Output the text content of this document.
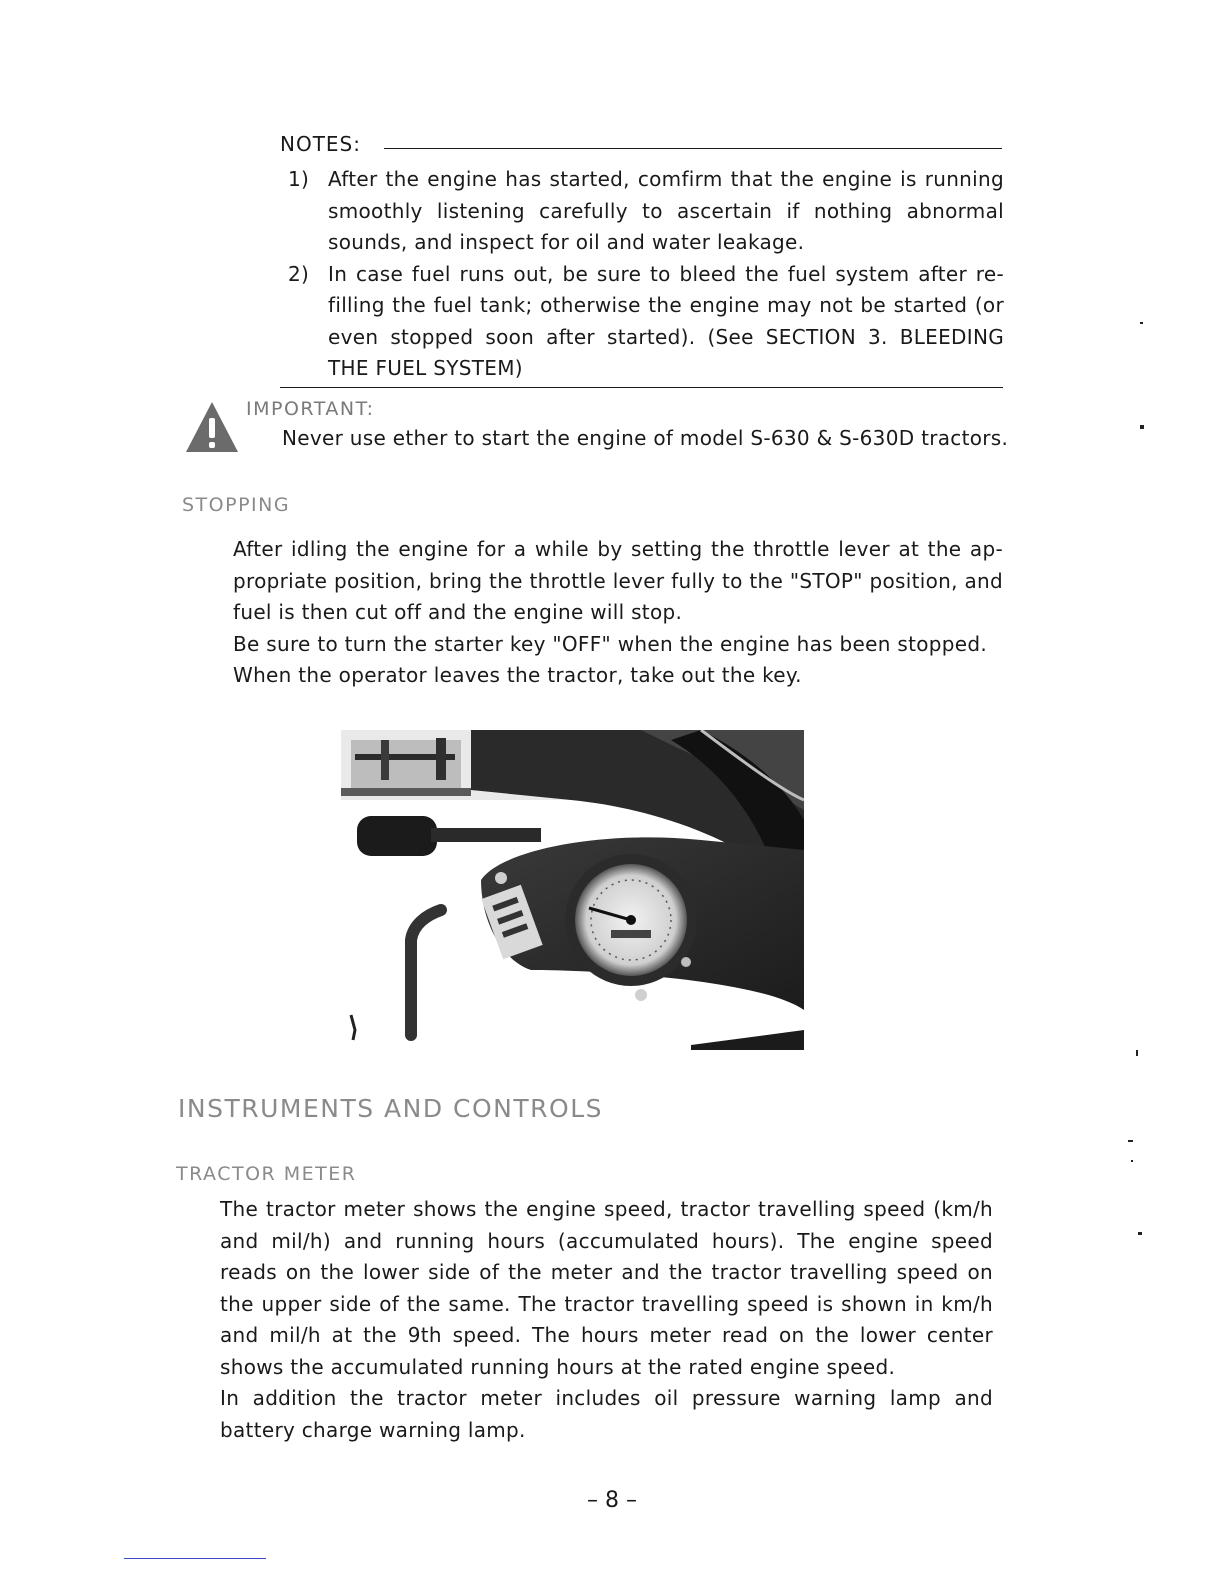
NOTES:
1) After the engine has started, comfirm that the engine is running smoothly listening carefully to ascertain if nothing abnormal sounds, and inspect for oil and water leakage.
2) In case fuel runs out, be sure to bleed the fuel system after re-filling the fuel tank; otherwise the engine may not be started (or even stopped soon after started). (See SECTION 3. BLEEDING THE FUEL SYSTEM)
IMPORTANT:
Never use ether to start the engine of model S-630 & S-630D tractors.
STOPPING
After idling the engine for a while by setting the throttle lever at the ap-propriate position, bring the throttle lever fully to the "STOP" position, and fuel is then cut off and the engine will stop.
Be sure to turn the starter key "OFF" when the engine has been stopped.
When the operator leaves the tractor, take out the key.
INSTRUMENTS AND CONTROLS
TRACTOR METER
The tractor meter shows the engine speed, tractor travelling speed (km/h and mil/h) and running hours (accumulated hours). The engine speed reads on the lower side of the meter and the tractor travelling speed on the upper side of the same. The tractor travelling speed is shown in km/h and mil/h at the 9th speed. The hours meter read on the lower center shows the accumulated running hours at the rated engine speed.
In addition the tractor meter includes oil pressure warning lamp and battery charge warning lamp.
– 8 –
